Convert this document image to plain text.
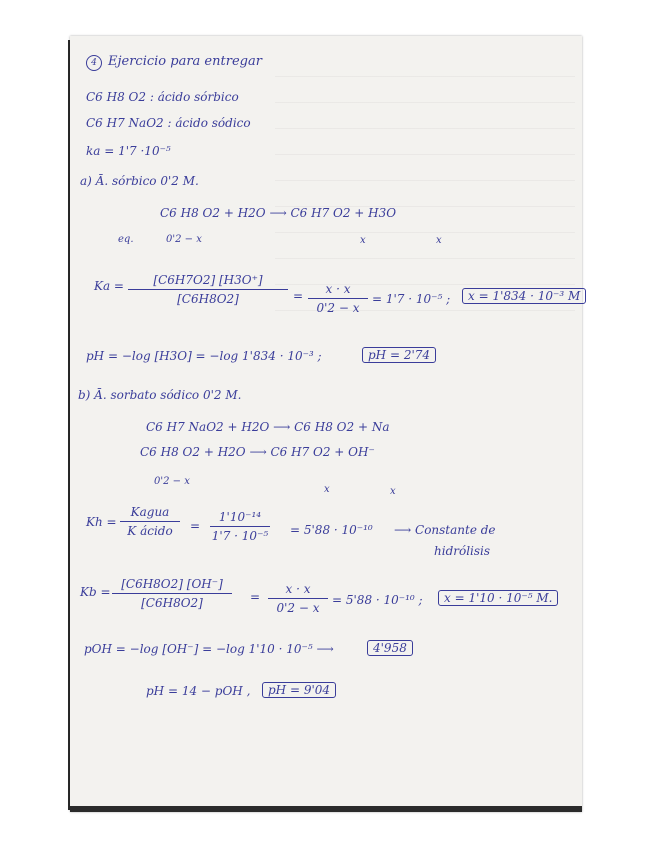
4 Ejercicio para entregar
C6 H8 O2 : ácido sórbico
C6 H7 NaO2 : ácido sódico
ka = 1'7 ·10⁻⁵
a) Ā. sórbico 0'2 M.
C6 H8 O2 + H2O ⟶ C6 H7 O2 + H3O
eq.	0'2 − x	x	x
Ka =	[C6H7O2] [H3O⁺]
[C6H8O2]	=	x · x
0'2 − x
= 1'7 · 10⁻⁵ ;	x = 1'834 · 10⁻³ M
pH = −log [H3O] = −log 1'834 · 10⁻³ ;	pH = 2'74
b) Ā. sorbato sódico 0'2 M.
C6 H7 NaO2 + H2O ⟶ C6 H8 O2 + Na
C6 H8 O2 + H2O ⟶ C6 H7 O2 + OH⁻
0'2 − x
x	x
Kh =
Kagua
K ácido	=
1'10⁻¹⁴
1'7 · 10⁻⁵ = 5'88 · 10⁻¹⁰ ⟶ Constante de
hidrólisis
Kb =
[C6H8O2] [OH⁻]
[C6H8O2]	=
x · x
0'2 − x
= 5'88 · 10⁻¹⁰ ;	x = 1'10 · 10⁻⁵ M.
pOH = −log [OH⁻] = −log 1'10 · 10⁻⁵ ⟶	4'958
pH = 14 − pOH ,	pH = 9'04
